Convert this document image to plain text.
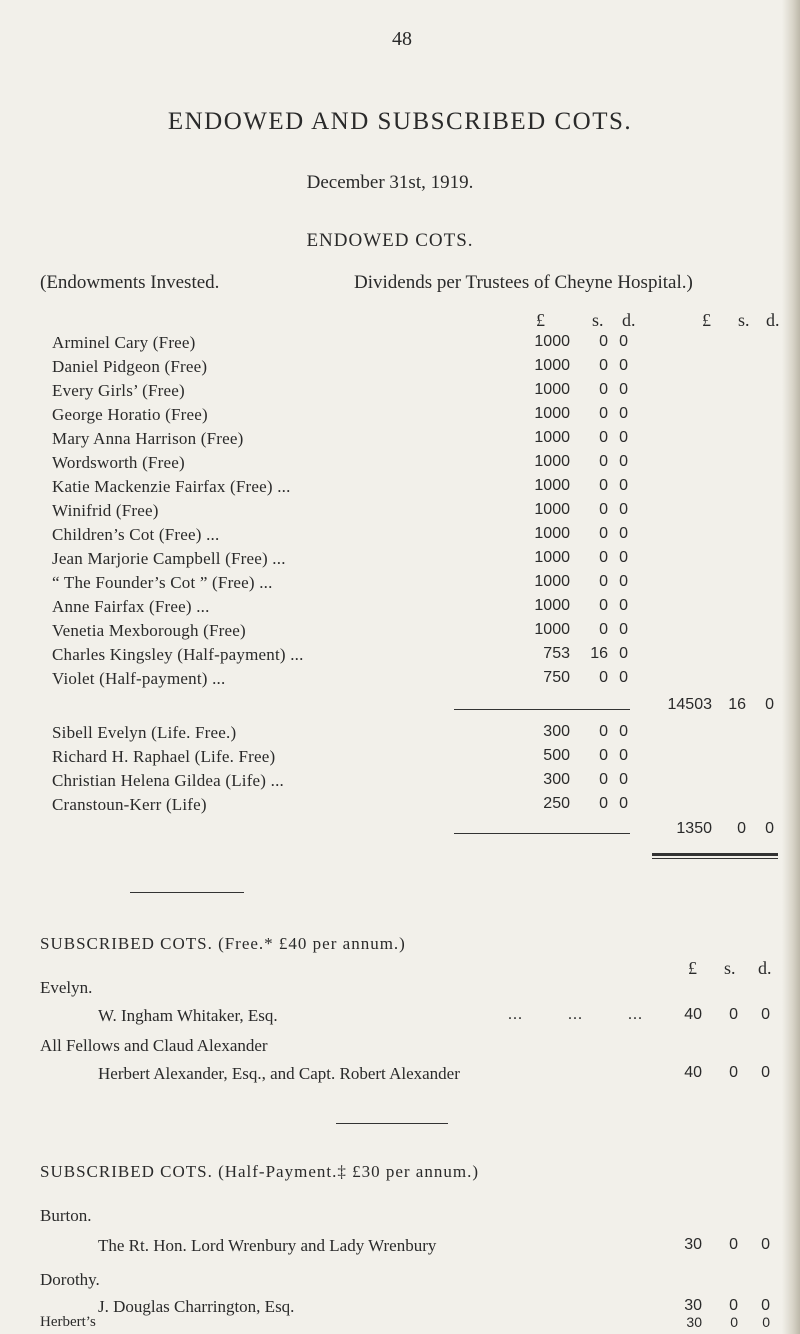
48
ENDOWED AND SUBSCRIBED COTS.
December 31st, 1919.
ENDOWED COTS.
(Endowments Invested.	Dividends per Trustees of Cheyne Hospital.)
£	s. d.	£ s. d.
Arminel Cary (Free)	1000	0 0
Daniel Pidgeon (Free)	1000	0 0
Every Girls’ (Free)	1000	0 0
George Horatio (Free)	1000	0 0
Mary Anna Harrison (Free)	1000	0 0
Wordsworth (Free)	1000	0 0
Katie Mackenzie Fairfax (Free) ...	1000	0 0
Winifrid (Free)	1000	0 0
Children’s Cot (Free) ...	1000	0 0
Jean Marjorie Campbell (Free) ...	1000	0 0
“ The Founder’s Cot ” (Free) ...	1000	0 0
Anne Fairfax (Free) ...	1000	0 0
Venetia Mexborough (Free)	1000	0 0
Charles Kingsley (Half-payment) ...	753 16 0
Violet (Half-payment) ...	750	0 0
14503	16	0
Sibell Evelyn (Life. Free.)	300	0 0
Richard H. Raphael (Life. Free)	500	0 0
Christian Helena Gildea (Life) ...	300	0 0
Cranstoun-Kerr (Life)	250	0 0
1350	0	0
SUBSCRIBED COTS. (Free.* £40 per annum.)
£ s. d.
Evelyn.
W. Ingham Whitaker, Esq.	...         ...         ...	40 0 0
All Fellows and Claud Alexander
Herbert Alexander, Esq., and Capt. Robert Alexander	40 0 0
SUBSCRIBED COTS. (Half-Payment.‡ £30 per annum.)
Burton.
The Rt. Hon. Lord Wrenbury and Lady Wrenbury	30 0 0
Dorothy.
J. Douglas Charrington, Esq.	30 0 0
Herbert’s	30	0	0
